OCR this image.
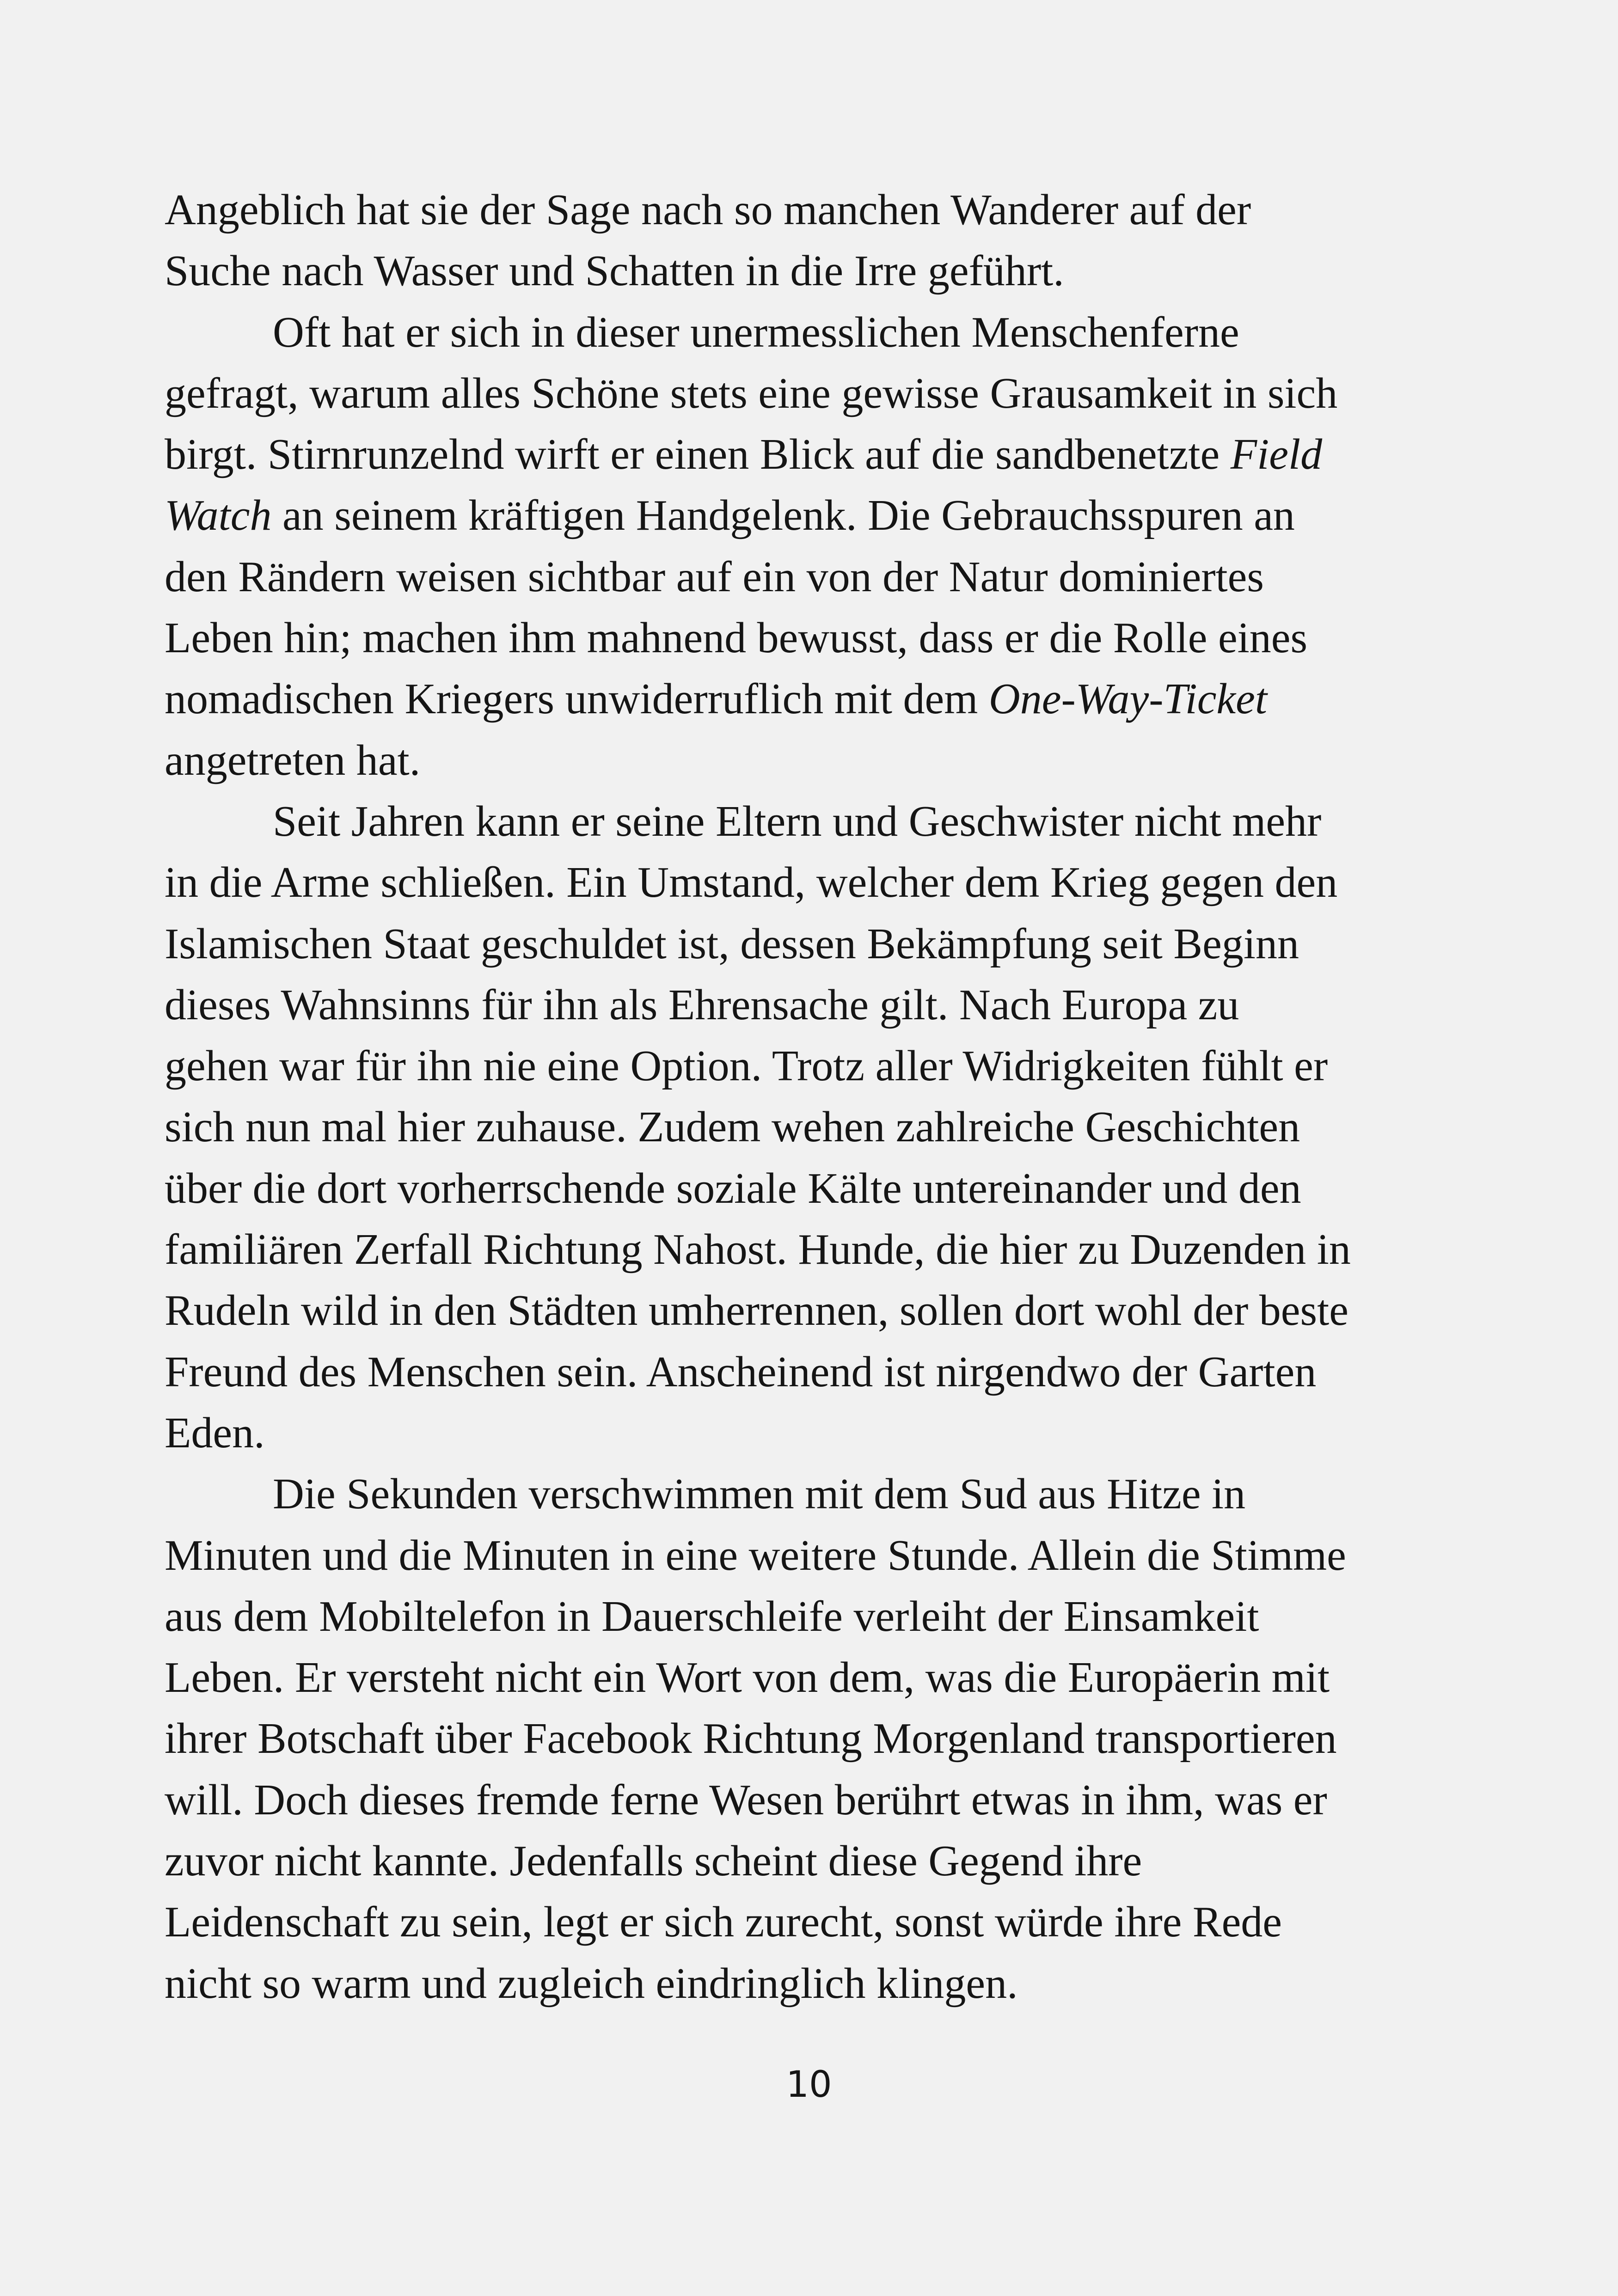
Angeblich hat sie der Sage nach so manchen Wanderer auf der
Suche nach Wasser und Schatten in die Irre geführt.
Oft hat er sich in dieser unermesslichen Menschenferne
gefragt, warum alles Schöne stets eine gewisse Grausamkeit in sich
birgt. Stirnrunzelnd wirft er einen Blick auf die sandbenetzte Field
Watch an seinem kräftigen Handgelenk. Die Gebrauchsspuren an
den Rändern weisen sichtbar auf ein von der Natur dominiertes
Leben hin; machen ihm mahnend bewusst, dass er die Rolle eines
nomadischen Kriegers unwiderruflich mit dem One-Way-Ticket
angetreten hat.
Seit Jahren kann er seine Eltern und Geschwister nicht mehr
in die Arme schließen. Ein Umstand, welcher dem Krieg gegen den
Islamischen Staat geschuldet ist, dessen Bekämpfung seit Beginn
dieses Wahnsinns für ihn als Ehrensache gilt. Nach Europa zu
gehen war für ihn nie eine Option. Trotz aller Widrigkeiten fühlt er
sich nun mal hier zuhause. Zudem wehen zahlreiche Geschichten
über die dort vorherrschende soziale Kälte untereinander und den
familiären Zerfall Richtung Nahost. Hunde, die hier zu Duzenden in
Rudeln wild in den Städten umherrennen, sollen dort wohl der beste
Freund des Menschen sein. Anscheinend ist nirgendwo der Garten
Eden.
Die Sekunden verschwimmen mit dem Sud aus Hitze in
Minuten und die Minuten in eine weitere Stunde. Allein die Stimme
aus dem Mobiltelefon in Dauerschleife verleiht der Einsamkeit
Leben. Er versteht nicht ein Wort von dem, was die Europäerin mit
ihrer Botschaft über Facebook Richtung Morgenland transportieren
will. Doch dieses fremde ferne Wesen berührt etwas in ihm, was er
zuvor nicht kannte. Jedenfalls scheint diese Gegend ihre
Leidenschaft zu sein, legt er sich zurecht, sonst würde ihre Rede
nicht so warm und zugleich eindringlich klingen.
10
